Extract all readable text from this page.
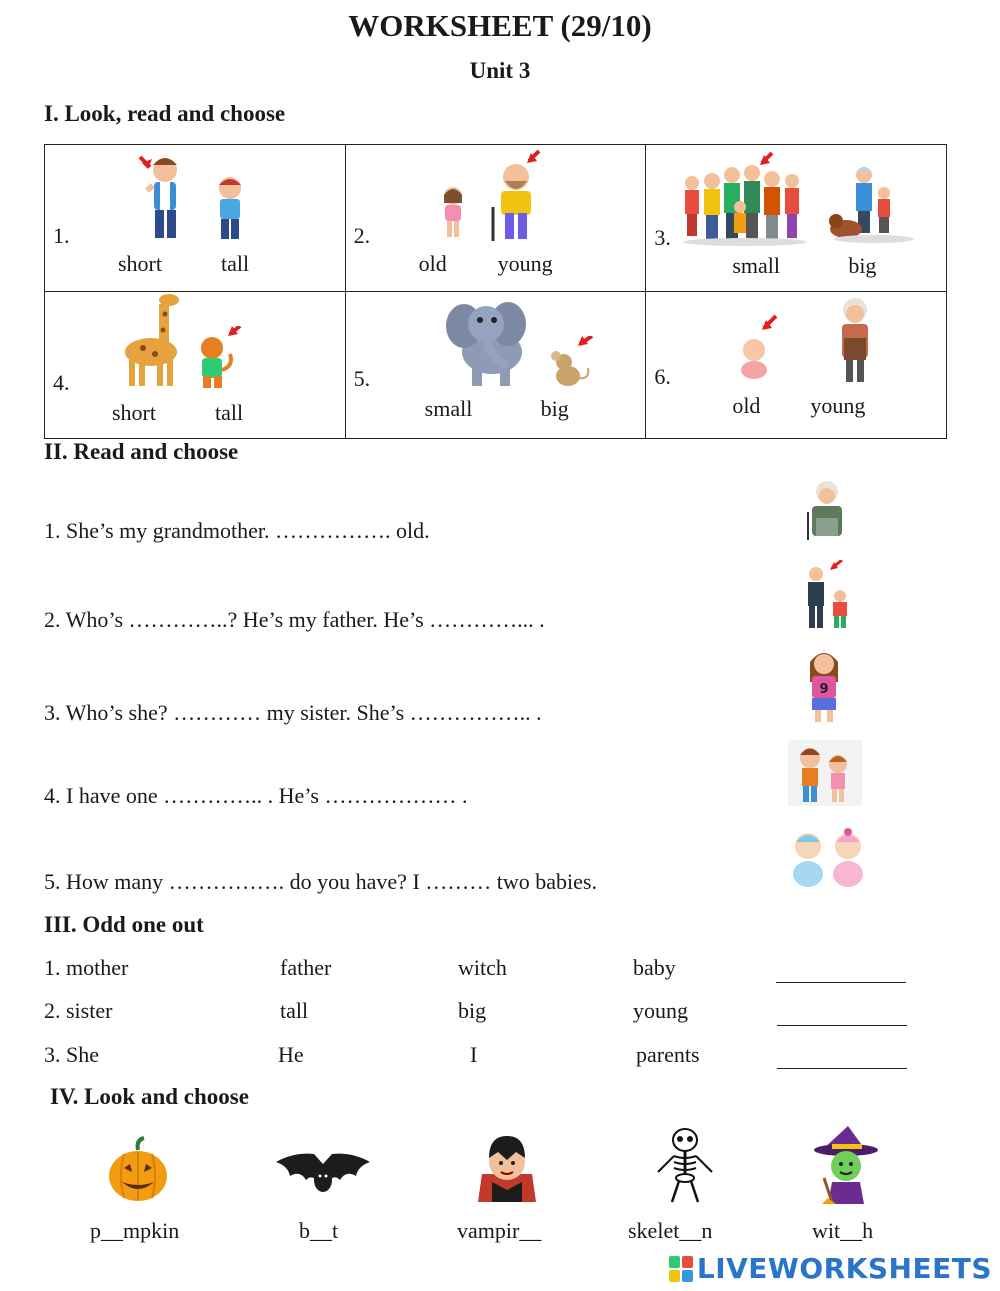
WORKSHEET (29/10)
Unit 3
I. Look, read and choose
1.
short tall	2.
old young	3.
small big

4.
short tall	5.
small big	6.
old young
II. Read and choose
1. She’s my grandmother. ……………. old.
2. Who’s …………..? He’s my father. He’s …………... .
3. Who’s she? ………… my sister. She’s …………….. .
4. I have one ………….. . He’s ……………… .
5. How many ……………. do you have? I ……… two babies.
9
III. Odd one out
1. mother	father	witch	baby
2. sister	tall	big	young
3. She	He	I	parents
IV. Look and choose
p__mpkin	b__t	vampir__	skelet__n	wit__h
LIVEWORKSHEETS
